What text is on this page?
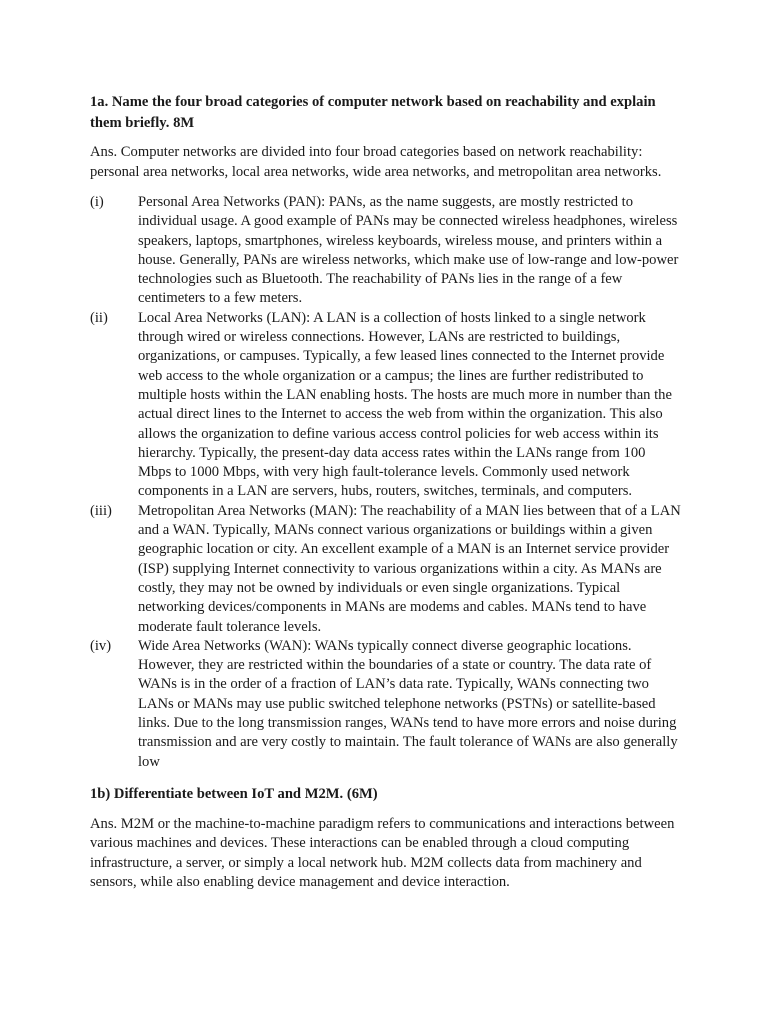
1a. Name the four broad categories of computer network based on reachability and explain them briefly. 8M
Ans. Computer networks are divided into four broad categories based on network reachability: personal area networks, local area networks, wide area networks, and metropolitan area networks.
(i)	Personal Area Networks (PAN): PANs, as the name suggests, are mostly restricted to individual usage. A good example of PANs may be connected wireless headphones, wireless speakers, laptops, smartphones, wireless keyboards, wireless mouse, and printers within a house. Generally, PANs are wireless networks, which make use of low-range and low-power technologies such as Bluetooth. The reachability of PANs lies in the range of a few centimeters to a few meters.
(ii)	Local Area Networks (LAN): A LAN is a collection of hosts linked to a single network through wired or wireless connections. However, LANs are restricted to buildings, organizations, or campuses. Typically, a few leased lines connected to the Internet provide web access to the whole organization or a campus; the lines are further redistributed to multiple hosts within the LAN enabling hosts. The hosts are much more in number than the actual direct lines to the Internet to access the web from within the organization. This also allows the organization to define various access control policies for web access within its hierarchy. Typically, the present-day data access rates within the LANs range from 100 Mbps to 1000 Mbps, with very high fault-tolerance levels. Commonly used network components in a LAN are servers, hubs, routers, switches, terminals, and computers.
(iii)	Metropolitan Area Networks (MAN): The reachability of a MAN lies between that of a LAN and a WAN. Typically, MANs connect various organizations or buildings within a given geographic location or city. An excellent example of a MAN is an Internet service provider (ISP) supplying Internet connectivity to various organizations within a city. As MANs are costly, they may not be owned by individuals or even single organizations. Typical networking devices/components in MANs are modems and cables. MANs tend to have moderate fault tolerance levels.
(iv)	Wide Area Networks (WAN): WANs typically connect diverse geographic locations. However, they are restricted within the boundaries of a state or country. The data rate of WANs is in the order of a fraction of LAN’s data rate. Typically, WANs connecting two LANs or MANs may use public switched telephone networks (PSTNs) or satellite-based links. Due to the long transmission ranges, WANs tend to have more errors and noise during transmission and are very costly to maintain. The fault tolerance of WANs are also generally low
1b) Differentiate between IoT and M2M. (6M)
Ans. M2M or the machine-to-machine paradigm refers to communications and interactions between various machines and devices. These interactions can be enabled through a cloud computing infrastructure, a server, or simply a local network hub. M2M collects data from machinery and sensors, while also enabling device management and device interaction.
